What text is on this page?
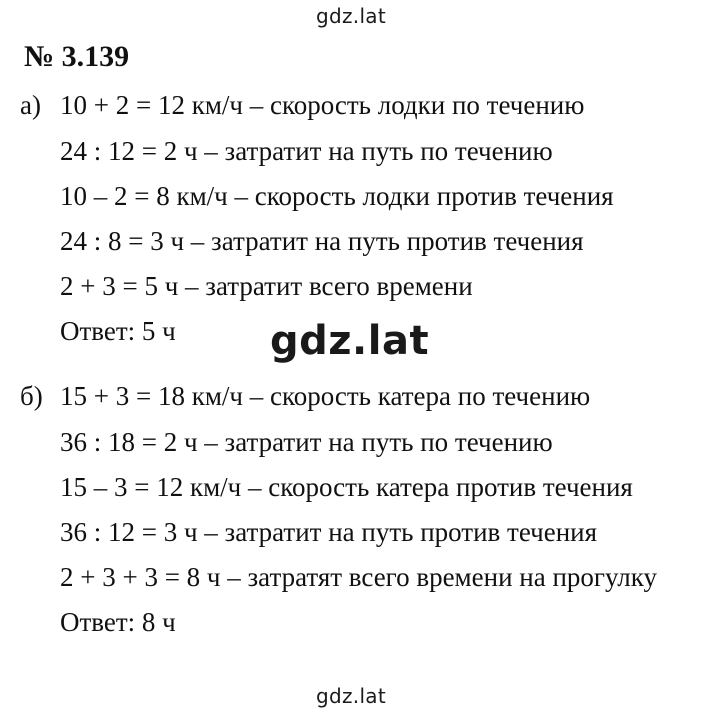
gdz.lat
№ 3.139
а) 10 + 2 = 12 км/ч – скорость лодки по течению
24 : 12 = 2 ч – затратит на путь по течению
10 – 2 = 8 км/ч – скорость лодки против течения
24 : 8 = 3 ч – затратит на путь против течения
2 + 3 = 5 ч – затратит всего времени
Ответ: 5 ч gdz.lat
б) 15 + 3 = 18 км/ч – скорость катера по течению
36 : 18 = 2 ч – затратит на путь по течению
15 – 3 = 12 км/ч – скорость катера против течения
36 : 12 = 3 ч – затратит на путь против течения
2 + 3 + 3 = 8 ч – затратят всего времени на прогулку
Ответ: 8 ч
gdz.lat
